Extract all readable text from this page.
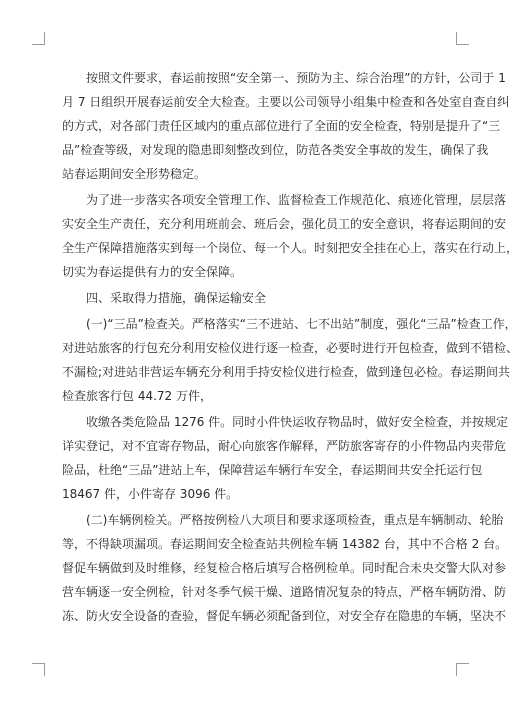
按照文件要求，春运前按照“安全第一、预防为主、综合治理”的方针，公司于 1
月 7 日组织开展春运前安全大检查。主要以公司领导小组集中检查和各处室自查自纠
的方式，对各部门责任区域内的重点部位进行了全面的安全检查，特别是提升了“三
品”检查等级，对发现的隐患即刻整改到位，防范各类安全事故的发生，确保了我
站春运期间安全形势稳定。
为了进一步落实各项安全管理工作、监督检查工作规范化、痕迹化管理，层层落
实安全生产责任，充分利用班前会、班后会，强化员工的安全意识，将春运期间的安
全生产保障措施落实到每一个岗位、每一个人。时刻把安全挂在心上，落实在行动上，
切实为春运提供有力的安全保障。
四、采取得力措施，确保运输安全
(一)“三品”检查关。严格落实“三不进站、七不出站”制度，强化“三品”检查工作，
对进站旅客的行包充分利用安检仪进行逐一检查，必要时进行开包检查，做到不错检、
不漏检;对进站非营运车辆充分利用手持安检仪进行检查，做到逢包必检。春运期间共
检查旅客行包 44.72 万件，
收缴各类危险品 1276 件。同时小件快运收存物品时，做好安全检查，并按规定
详实登记，对不宜寄存物品，耐心向旅客作解释，严防旅客寄存的小件物品内夹带危
险品，杜绝“三品”进站上车，保障营运车辆行车安全，春运期间共安全托运行包
18467 件，小件寄存 3096 件。
(二)车辆例检关。严格按例检八大项目和要求逐项检查，重点是车辆制动、轮胎
等，不得缺项漏项。春运期间安全检查站共例检车辆 14382 台，其中不合格 2 台。
督促车辆做到及时维修，经复检合格后填写合格例检单。同时配合未央交警大队对参
营车辆逐一安全例检，针对冬季气候干燥、道路情况复杂的特点，严格车辆防滑、防
冻、防火安全设备的查验，督促车辆必须配备到位，对安全存在隐患的车辆，坚决不
